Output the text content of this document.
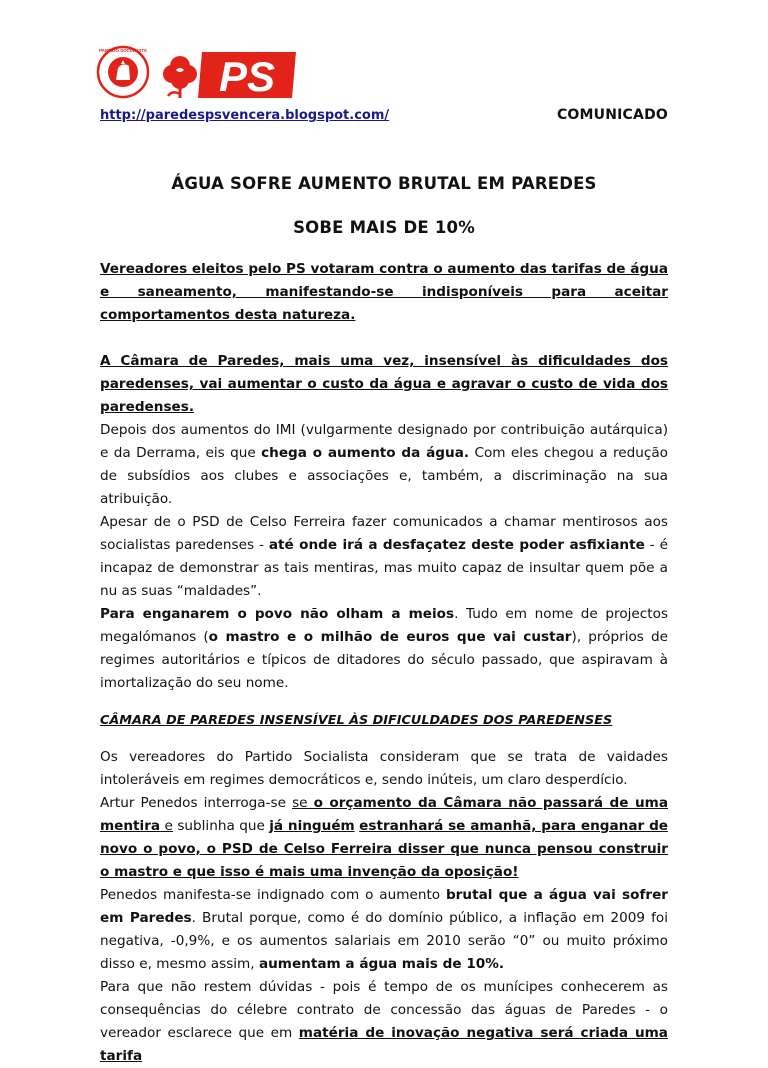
PARTIDO SOCIALISTA
PS
http://paredespsvencera.blogspot.com/	COMUNICADO
ÁGUA SOFRE AUMENTO BRUTAL EM PAREDES
SOBE MAIS DE 10%

Vereadores eleitos pelo PS votaram contra o aumento das tarifas de água e saneamento, manifestando-se indisponíveis para aceitar comportamentos desta natureza.

A Câmara de Paredes, mais uma vez, insensível às dificuldades dos paredenses, vai aumentar o custo da água e agravar o custo de vida dos paredenses.

Depois dos aumentos do IMI (vulgarmente designado por contribuição autárquica) e da Derrama, eis que chega o aumento da água. Com eles chegou a redução de subsídios aos clubes e associações e, também, a discriminação na sua atribuição.

Apesar de o PSD de Celso Ferreira fazer comunicados a chamar mentirosos aos socialistas paredenses - até onde irá a desfaçatez deste poder asfixiante - é incapaz de demonstrar as tais mentiras, mas muito capaz de insultar quem põe a nu as suas “maldades”.

Para enganarem o povo não olham a meios. Tudo em nome de projectos megalómanos (o mastro e o milhão de euros que vai custar), próprios de regimes autoritários e típicos de ditadores do século passado, que aspiravam à imortalização do seu nome.

CÂMARA DE PAREDES INSENSÍVEL ÀS DIFICULDADES DOS PAREDENSES

Os vereadores do Partido Socialista consideram que se trata de vaidades intoleráveis em regimes democráticos e, sendo inúteis, um claro desperdício.

Artur Penedos interroga-se se o orçamento da Câmara não passará de uma mentira e sublinha que já ninguém estranhará se amanhã, para enganar de novo o povo, o PSD de Celso Ferreira disser que nunca pensou construir o mastro e que isso é mais uma invenção da oposição!

Penedos manifesta-se indignado com o aumento brutal que a água vai sofrer em Paredes. Brutal porque, como é do domínio público, a inflação em 2009 foi negativa, -0,9%, e os aumentos salariais em 2010 serão “0” ou muito próximo disso e, mesmo assim, aumentam a água mais de 10%.

Para que não restem dúvidas - pois é tempo de os munícipes conhecerem as consequências do célebre contrato de concessão das águas de Paredes - o vereador esclarece que em matéria de inovação negativa será criada uma tarifa
